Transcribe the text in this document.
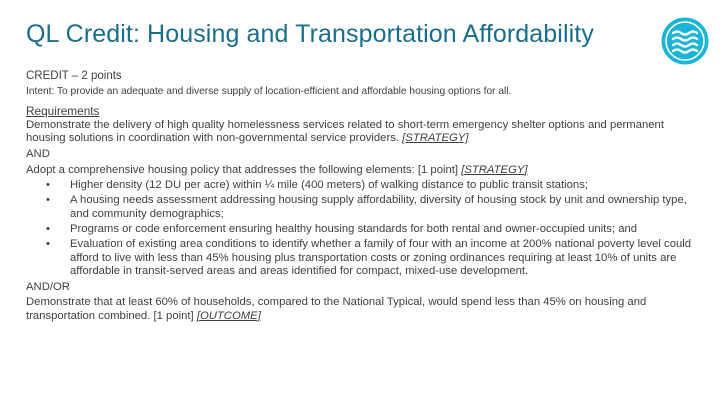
QL Credit: Housing and Transportation Affordability

CREDIT – 2 points

Intent: To provide an adequate and diverse supply of location-efficient and affordable housing options for all.

Requirements

Demonstrate the delivery of high quality homelessness services related to short-term emergency shelter options and permanent housing solutions in coordination with non-governmental service providers. [STRATEGY]

AND

Adopt a comprehensive housing policy that addresses the following elements: [1 point] [STRATEGY]

• Higher density (12 DU per acre) within ¼ mile (400 meters) of walking distance to public transit stations;
• A housing needs assessment addressing housing supply affordability, diversity of housing stock by unit and ownership type, and community demographics;
• Programs or code enforcement ensuring healthy housing standards for both rental and owner-occupied units; and
• Evaluation of existing area conditions to identify whether a family of four with an income at 200% national poverty level could afford to live with less than 45% housing plus transportation costs or zoning ordinances requiring at least 10% of units are affordable in transit-served areas and areas identified for compact, mixed-use development.

AND/OR

Demonstrate that at least 60% of households, compared to the National Typical, would spend less than 45% on housing and transportation combined. [1 point] [OUTCOME]
